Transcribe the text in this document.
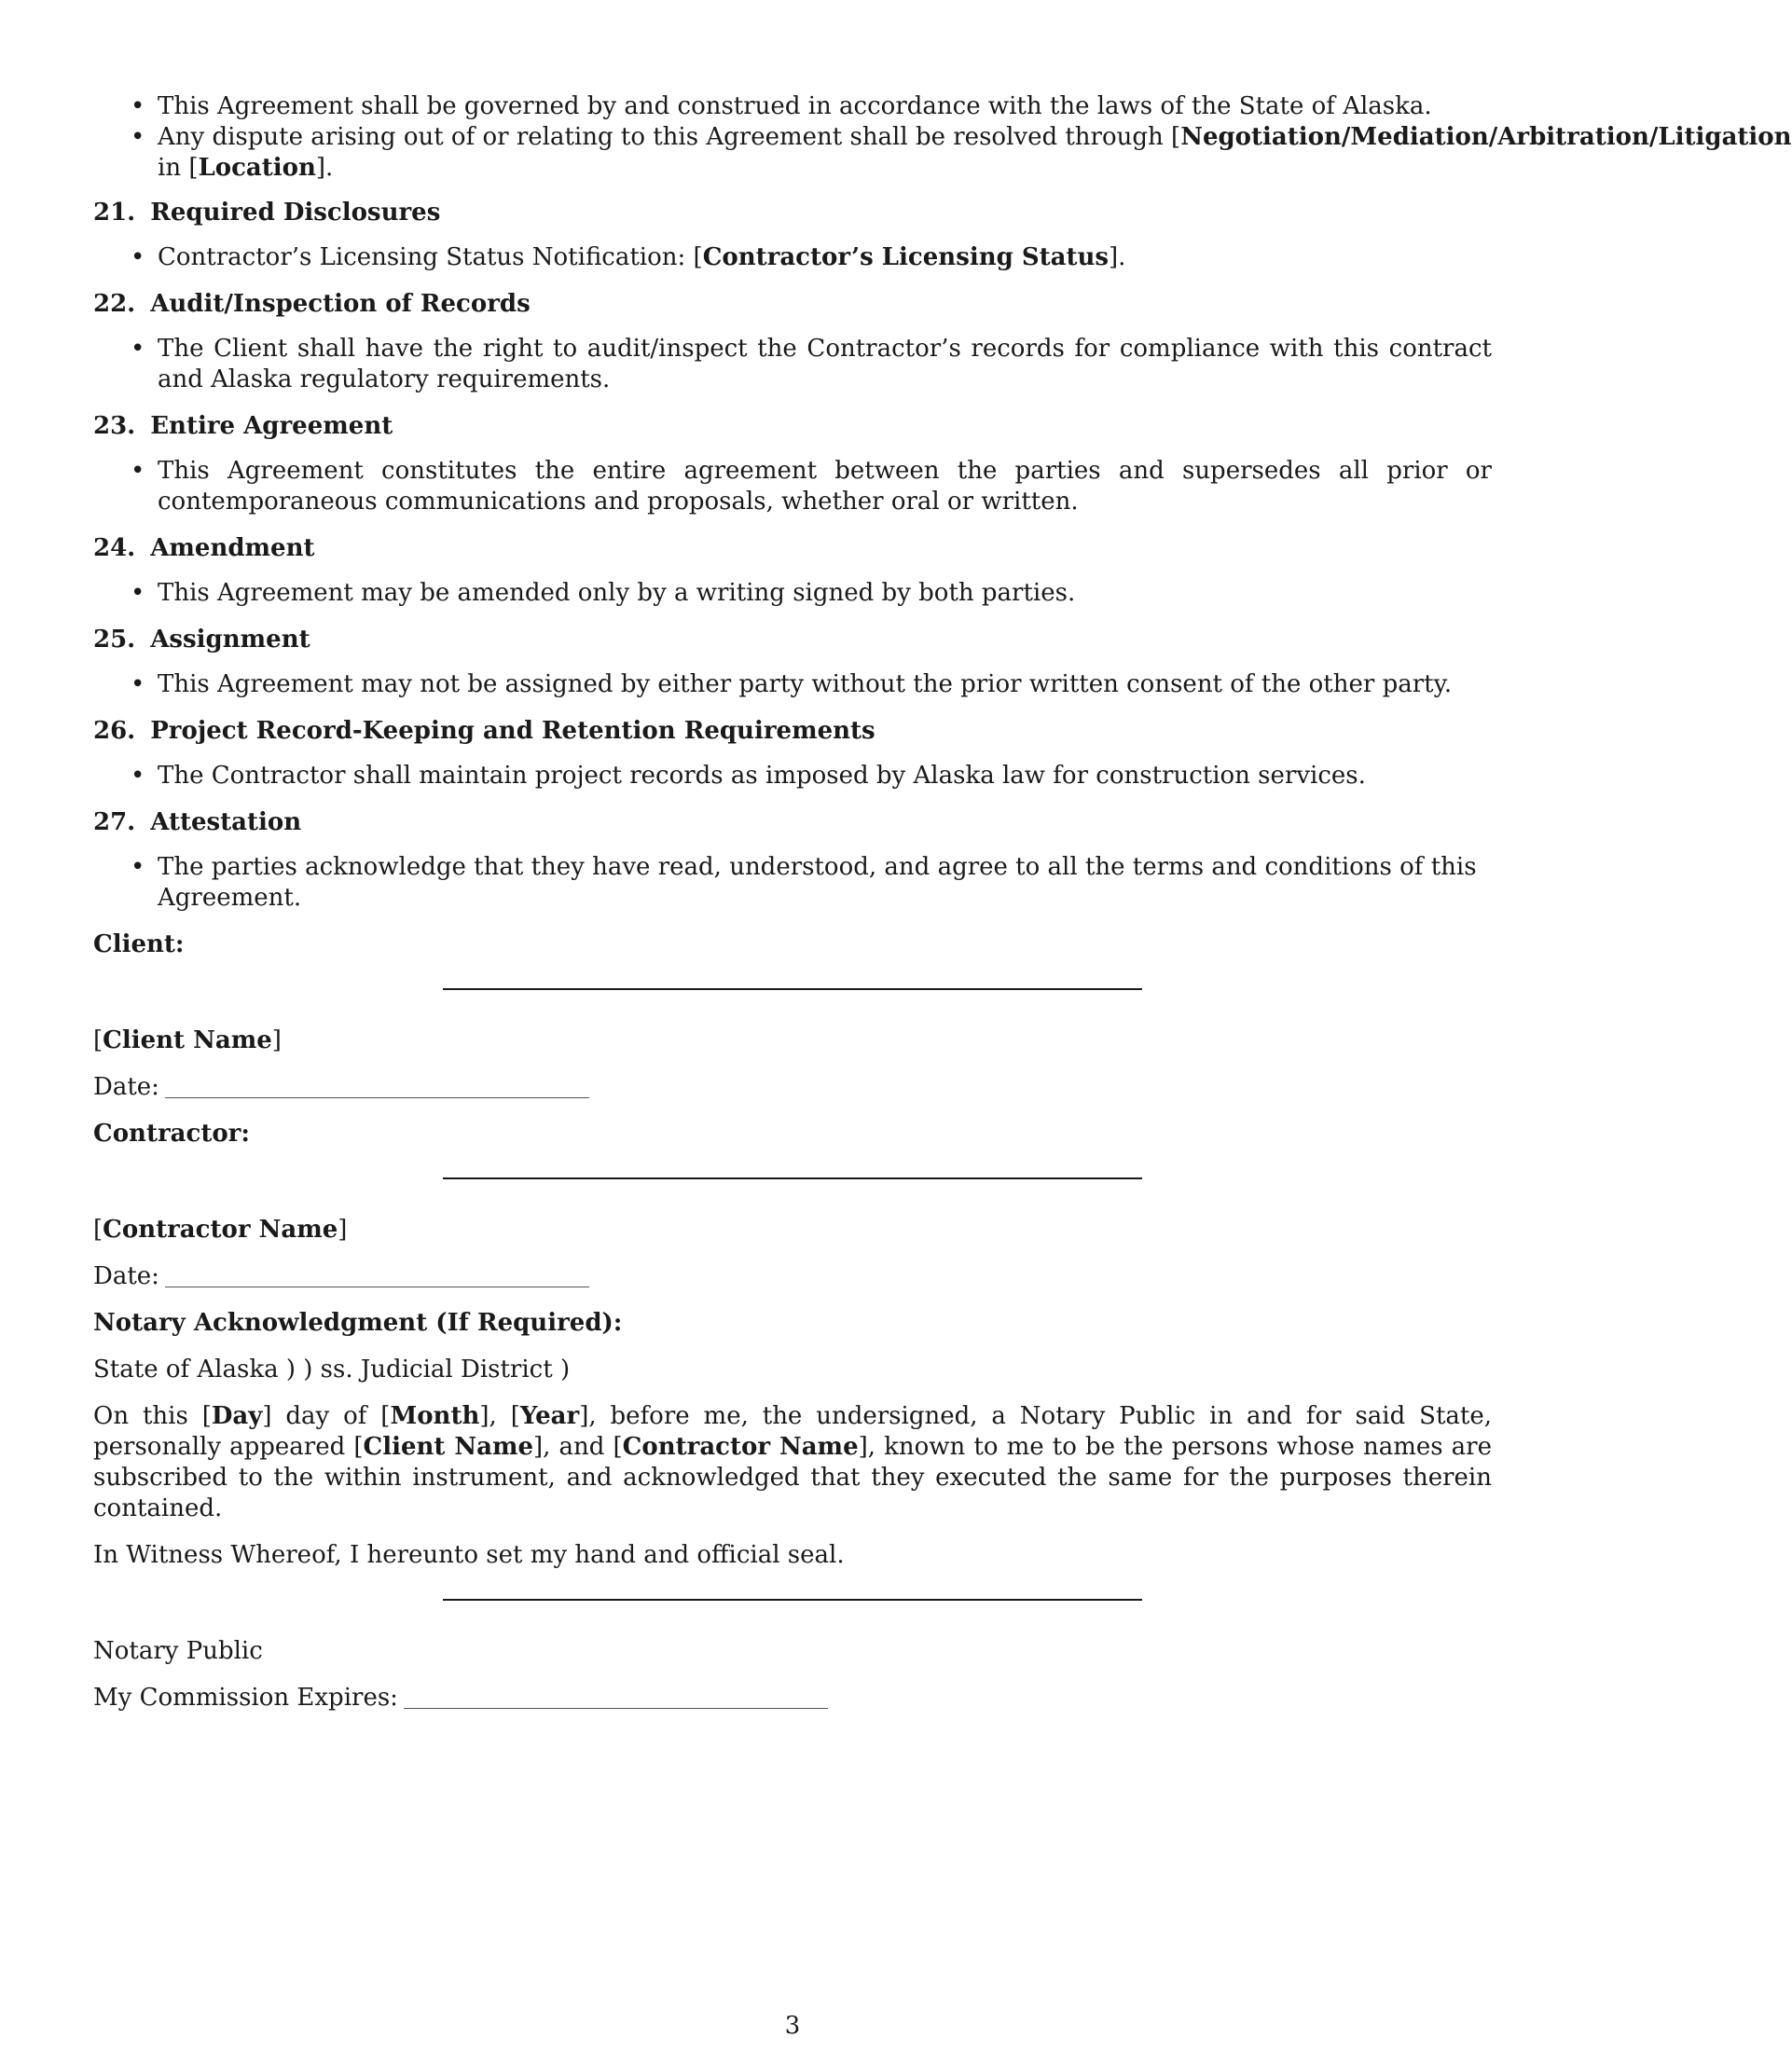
• This Agreement shall be governed by and construed in accordance with the laws of the State of Alaska.
• Any dispute arising out of or relating to this Agreement shall be resolved through [Negotiation/Mediation/Arbitration/Litigation
in [Location].
21. Required Disclosures
• Contractor’s Licensing Status Notification: [Contractor’s Licensing Status].
22. Audit/Inspection of Records
• The Client shall have the right to audit/inspect the Contractor’s records for compliance with this contract and Alaska regulatory requirements.
23. Entire Agreement
• This Agreement constitutes the entire agreement between the parties and supersedes all prior or contemporaneous communications and proposals, whether oral or written.
24. Amendment
• This Agreement may be amended only by a writing signed by both parties.
25. Assignment
• This Agreement may not be assigned by either party without the prior written consent of the other party.
26. Project Record-Keeping and Retention Requirements
• The Contractor shall maintain project records as imposed by Alaska law for construction services.
27. Attestation
• The parties acknowledge that they have read, understood, and agree to all the terms and conditions of this Agreement.
Client:
[Client Name]
Date:
Contractor:
[Contractor Name]
Date:
Notary Acknowledgment (If Required):
State of Alaska ) ) ss. Judicial District )
On this [Day] day of [Month], [Year], before me, the undersigned, a Notary Public in and for said State, personally appeared [Client Name], and [Contractor Name], known to me to be the persons whose names are subscribed to the within instrument, and acknowledged that they executed the same for the purposes therein contained.
In Witness Whereof, I hereunto set my hand and official seal.
Notary Public
My Commission Expires:
3
